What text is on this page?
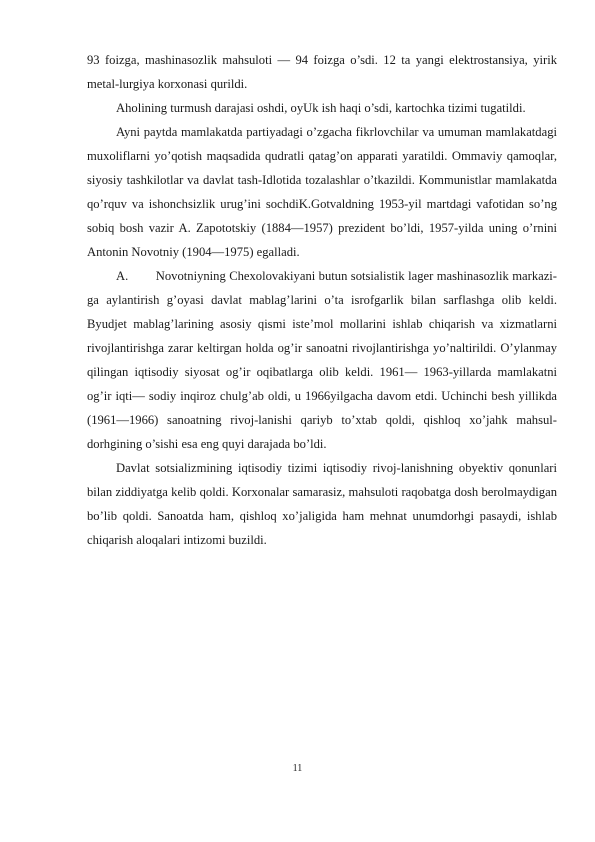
93 foizga, mashinasozlik mahsuloti — 94 foizga o’sdi. 12 ta yangi elektrostansiya, yirik metal-lurgiya korxonasi qurildi.

Aholining turmush darajasi oshdi, oyUk ish haqi o’sdi, kartochka tizimi tugatildi.

Ayni paytda mamlakatda partiyadagi o’zgacha fikrlovchilar va umuman mamlakatdagi muxoliflarni yo’qotish maqsadida qudratli qatag’on apparati yaratildi. Ommaviy qamoqlar, siyosiy tashkilotlar va davlat tash-Idlotida tozalashlar o’tkazildi. Kommunistlar mamlakatda qo’rquv va ishonchsizlik urug’ini sochdiK.Gotvaldning 1953-yil martdagi vafotidan so’ng sobiq bosh vazir A. Zapototskiy (1884—1957) prezident bo’ldi, 1957-yilda uning o’rnini Antonin Novotniy (1904—1975) egalladi.

A.        Novotniyning Chexolovakiyani butun sotsialistik lager mashinasozlik markazi-ga aylantirish g’oyasi davlat mablag’larini o’ta isrofgarlik bilan sarflashga olib keldi. Byudjet mablag’larining asosiy qismi iste’mol mollarini ishlab chiqarish va xizmatlarni rivojlantirishga zarar keltirgan holda og’ir sanoatni rivojlantirishga yo’naltirildi. O’ylanmay qilingan iqtisodiy siyosat og’ir oqibatlarga olib keldi. 1961— 1963-yillarda mamlakatni og’ir iqti— sodiy inqiroz chulg’ab oldi, u 1966yilgacha davom etdi. Uchinchi besh yillikda (1961—1966) sanoatning rivoj-lanishi qariyb to’xtab qoldi, qishloq xo’jahk mahsul-dorhgining o’sishi esa eng quyi darajada bo’ldi.

Davlat sotsializmining iqtisodiy tizimi iqtisodiy rivoj-lanishning obyektiv qonunlari bilan ziddiyatga kelib qoldi. Korxonalar samarasiz, mahsuloti raqobatga dosh berolmaydigan bo’lib qoldi. Sanoatda ham, qishloq xo’jaligida ham mehnat unumdorhgi pasaydi, ishlab chiqarish aloqalari intizomi buzildi.

11
